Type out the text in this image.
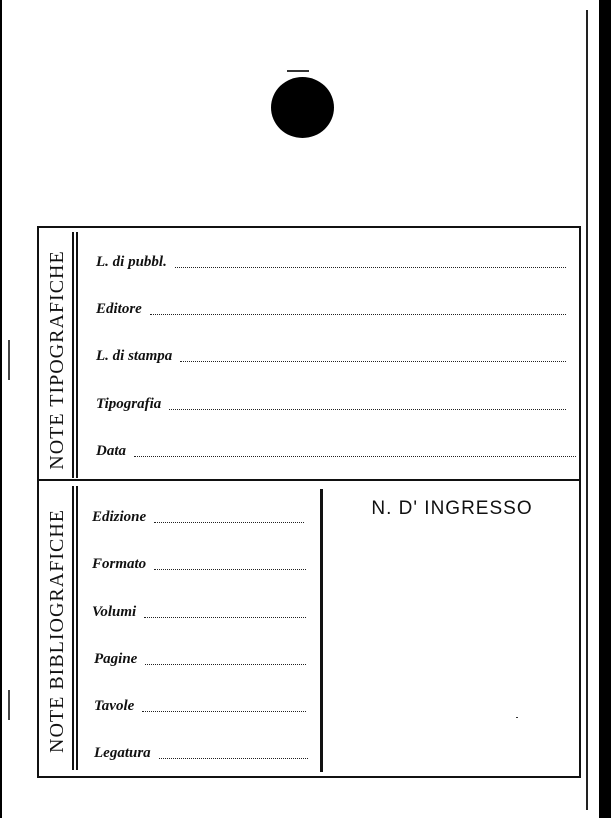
NOTE TIPOGRAFICHE
NOTE BIBLIOGRAFICHE
L. di pubbl.
Editore
L. di stampa
Tipografia
Data
Edizione
Formato
Volumi
Pagine
Tavole
Legatura
N. D' INGRESSO
